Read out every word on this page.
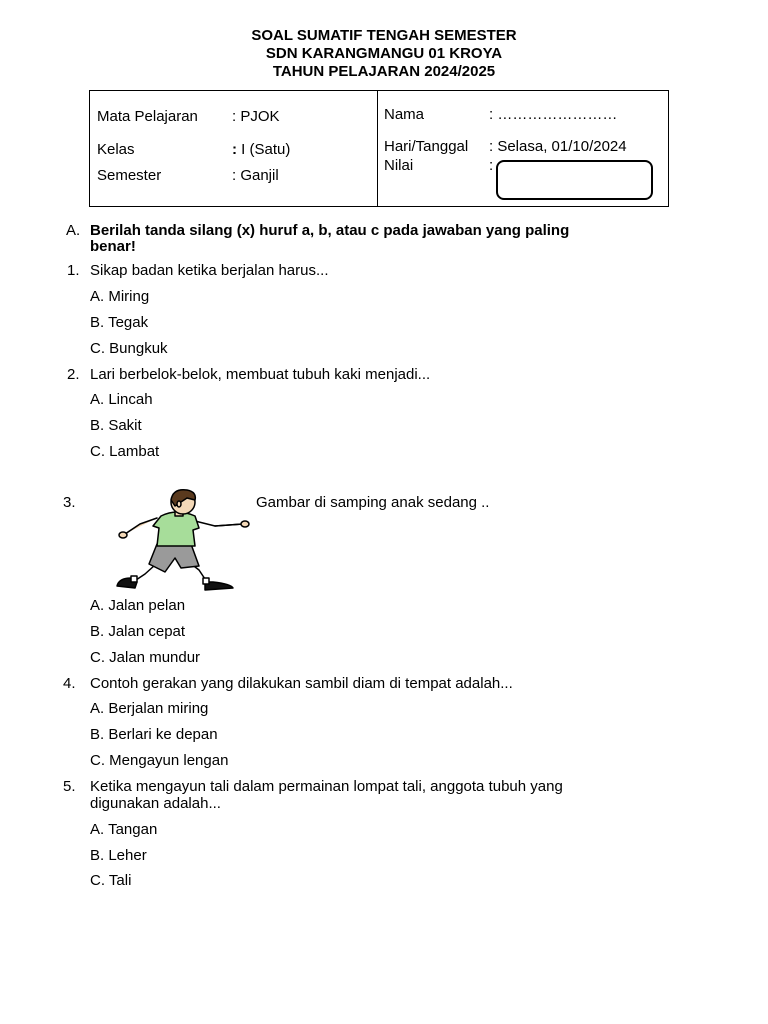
SOAL SUMATIF TENGAH SEMESTER
SDN KARANGMANGU 01 KROYA
TAHUN PELAJARAN 2024/2025
Mata Pelajaran : PJOK
Kelas	: I (Satu)
Semester	: Ganjil
Nama	: ……………………
Hari/Tanggal : Selasa, 01/10/2024
Nilai	:
A. Berilah tanda silang (x) huruf a, b, atau c pada jawaban yang paling
benar!
1. Sikap badan ketika berjalan harus...
A. Miring
B. Tegak
C. Bungkuk
2. Lari berbelok-belok, membuat tubuh kaki menjadi...
A. Lincah
B. Sakit
C. Lambat
3.	Gambar di samping anak sedang ..
A. Jalan pelan
B. Jalan cepat
C. Jalan mundur
4. Contoh gerakan yang dilakukan sambil diam di tempat adalah...
A. Berjalan miring
B. Berlari ke depan
C. Mengayun lengan
5. Ketika mengayun tali dalam permainan lompat tali, anggota tubuh yang
digunakan adalah...
A. Tangan
B. Leher
C. Tali
